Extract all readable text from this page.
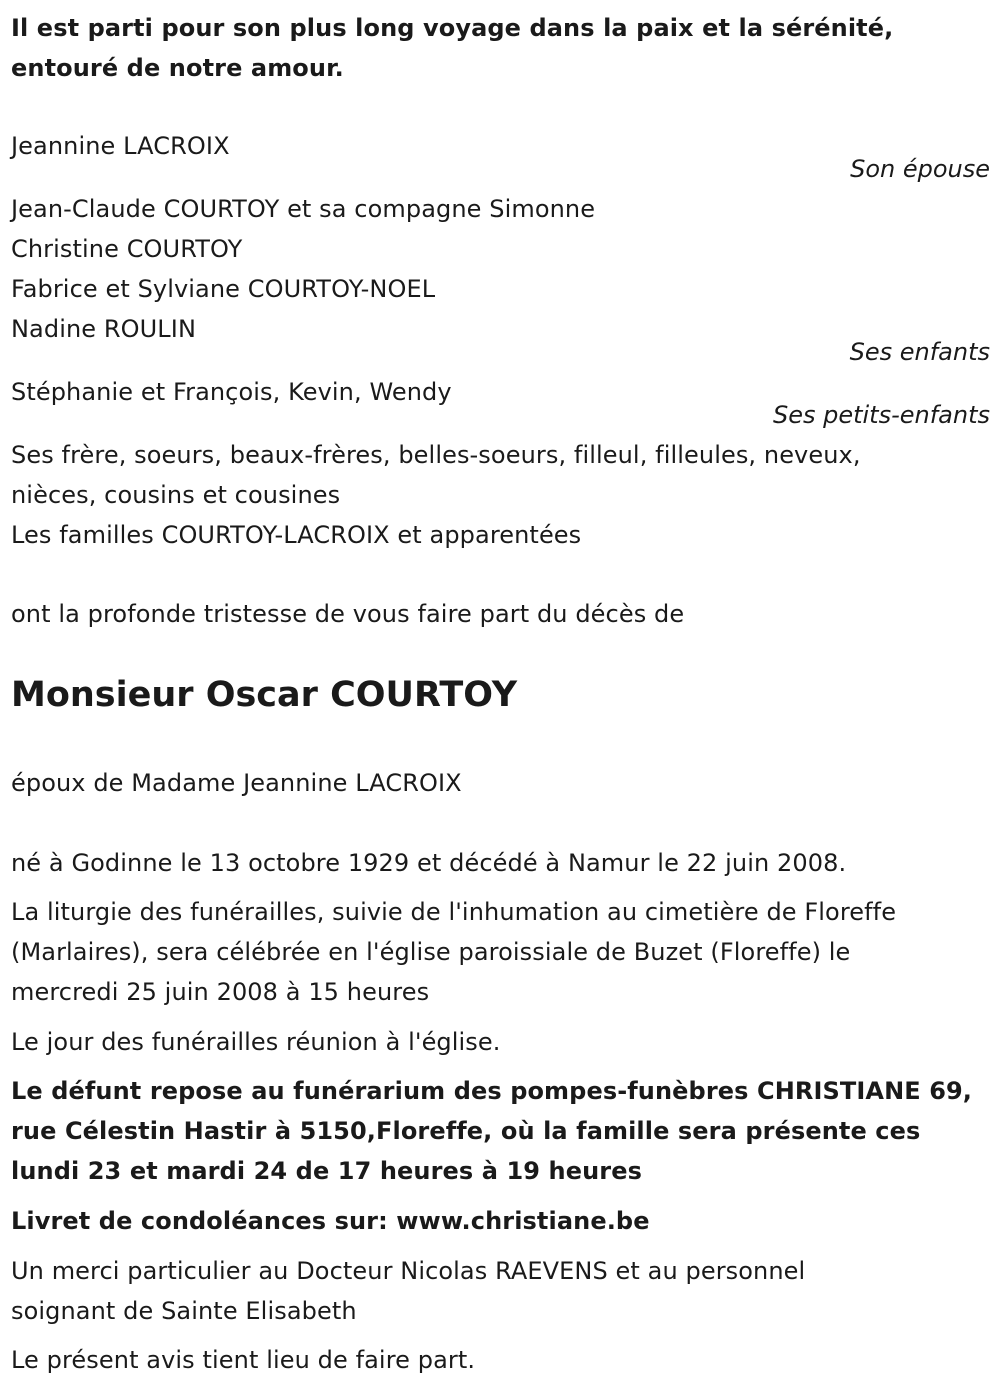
Il est parti pour son plus long voyage dans la paix et la sérénité,
entouré de notre amour.
Jeannine LACROIX
Son épouse
Jean-Claude COURTOY et sa compagne Simonne
Christine COURTOY
Fabrice et Sylviane COURTOY-NOEL
Nadine ROULIN
Ses enfants
Stéphanie et François, Kevin, Wendy
Ses petits-enfants
Ses frère, soeurs, beaux-frères, belles-soeurs, filleul, filleules, neveux,
nièces, cousins et cousines
Les familles COURTOY-LACROIX et apparentées
ont la profonde tristesse de vous faire part du décès de
Monsieur Oscar COURTOY
époux de Madame Jeannine LACROIX
né à Godinne le 13 octobre 1929 et décédé à Namur le 22 juin 2008.
La liturgie des funérailles, suivie de l'inhumation au cimetière de Floreffe
(Marlaires), sera célébrée en l'église paroissiale de Buzet (Floreffe) le
mercredi 25 juin 2008 à 15 heures
Le jour des funérailles réunion à l'église.
Le défunt repose au funérarium des pompes-funèbres CHRISTIANE 69,
rue Célestin Hastir à 5150,Floreffe, où la famille sera présente ces
lundi 23 et mardi 24 de 17 heures à 19 heures
Livret de condoléances sur: www.christiane.be
Un merci particulier au Docteur Nicolas RAEVENS et au personnel
soignant de Sainte Elisabeth
Le présent avis tient lieu de faire part.
